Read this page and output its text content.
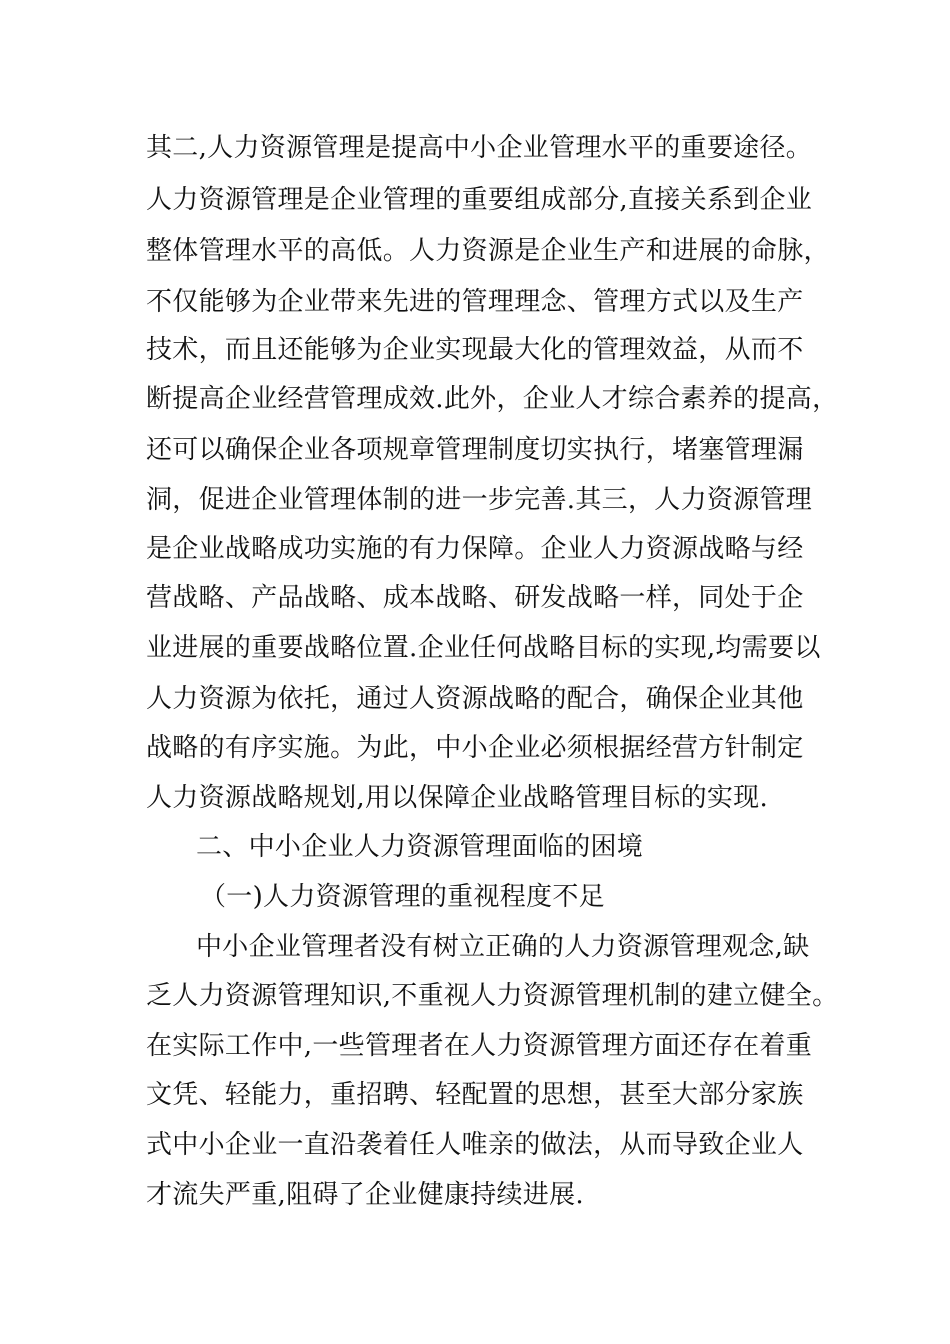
其二,人力资源管理是提高中小企业管理水平的重要途径。
人力资源管理是企业管理的重要组成部分,直接关系到企业
整体管理水平的高低。人力资源是企业生产和进展的命脉，
不仅能够为企业带来先进的管理理念、管理方式以及生产
技术，而且还能够为企业实现最大化的管理效益，从而不
断提高企业经营管理成效.此外，企业人才综合素养的提高，
还可以确保企业各项规章管理制度切实执行，堵塞管理漏
洞，促进企业管理体制的进一步完善.其三，人力资源管理
是企业战略成功实施的有力保障。企业人力资源战略与经
营战略、产品战略、成本战略、研发战略一样，同处于企
业进展的重要战略位置.企业任何战略目标的实现,均需要以
人力资源为依托，通过人资源战略的配合，确保企业其他
战略的有序实施。为此，中小企业必须根据经营方针制定
人力资源战略规划,用以保障企业战略管理目标的实现.
二、中小企业人力资源管理面临的困境
（一)人力资源管理的重视程度不足
中小企业管理者没有树立正确的人力资源管理观念,缺
乏人力资源管理知识,不重视人力资源管理机制的建立健全。
在实际工作中,一些管理者在人力资源管理方面还存在着重
文凭、轻能力，重招聘、轻配置的思想，甚至大部分家族
式中小企业一直沿袭着任人唯亲的做法，从而导致企业人
才流失严重,阻碍了企业健康持续进展.
